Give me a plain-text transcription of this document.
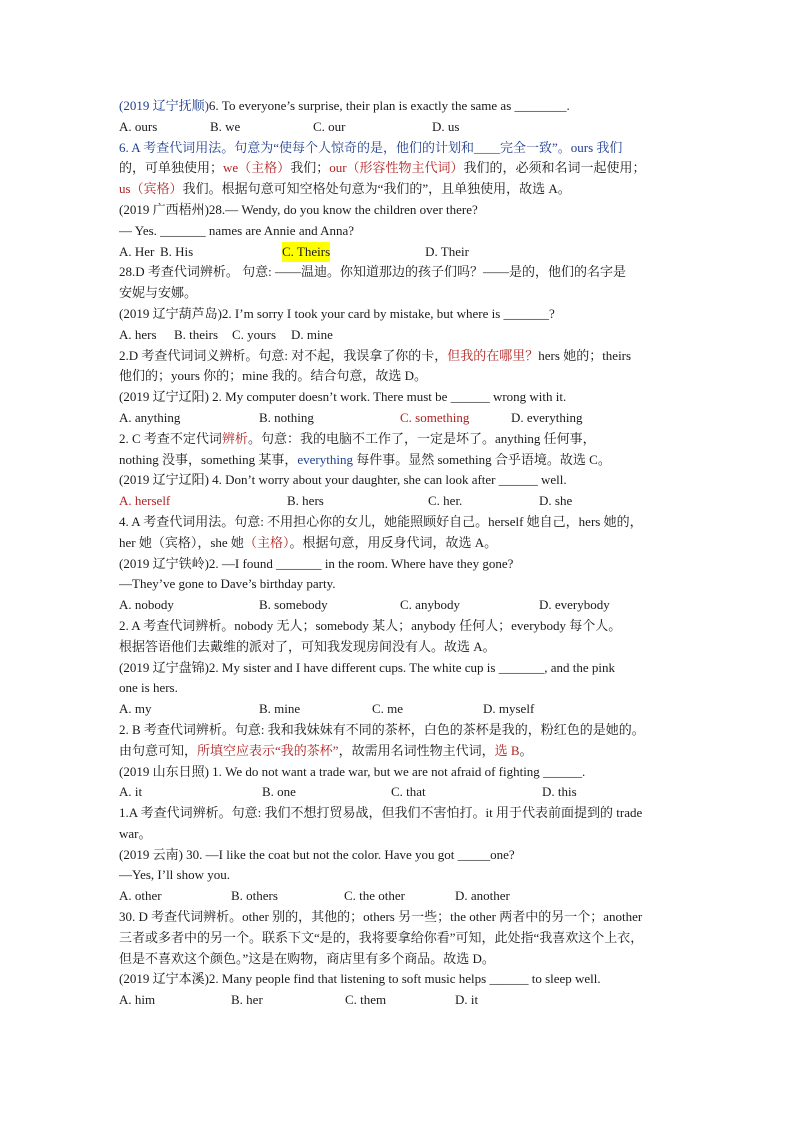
(2019 辽宁抚顺)6. To everyone’s surprise, their plan is exactly the same as ________.
A. ours	B. we	C. our	D. us
6. A 考查代词用法。句意为“使每个人惊奇的是，他们的计划和____完全一致”。ours 我们
的，可单独使用；we（主格）我们；our（形容性物主代词）我们的，必须和名词一起使用；
us（宾格）我们。根据句意可知空格处句意为“我们的”，且单独使用，故选 A。
(2019 广西梧州)28.— Wendy, do you know the children over there?
— Yes. _______ names are Annie and Anna?
A. Her B. His	C. Theirs	D. Their
28.D 考查代词辨析。 句意: ——温迪。你知道那边的孩子们吗？——是的，他们的名字是
安妮与安娜。
(2019 辽宁葫芦岛)2. I’m sorry I took your card by mistake, but where is _______?
A. hers	B. theirs	C. yours	D. mine
2.D 考查代词词义辨析。句意: 对不起，我误拿了你的卡，但我的在哪里？hers 她的；theirs
他们的；yours 你的；mine 我的。结合句意，故选 D。
(2019 辽宁辽阳) 2. My computer doesn’t work. There must be ______ wrong with it.
A. anything	B. nothing	C. something	D. everything
2. C 考查不定代词辨析。句意：我的电脑不工作了，一定是坏了。anything 任何事，
nothing 没事，something 某事，everything 每件事。显然 something 合乎语境。故选 C。
(2019 辽宁辽阳) 4. Don’t worry about your daughter, she can look after ______ well.
A. herself	B. hers	C. her.	D. she
4. A 考查代词用法。句意: 不用担心你的女儿，她能照顾好自己。herself 她自己，hers 她的，
her 她（宾格），she 她（主格）。根据句意，用反身代词，故选 A。
(2019 辽宁铁岭)2. —I found _______ in the room. Where have they gone?
—They’ve gone to Dave’s birthday party.
A. nobody	B. somebody	C. anybody	D. everybody
2. A 考查代词辨析。nobody 无人；somebody 某人；anybody 任何人；everybody 每个人。
根据答语他们去戴维的派对了，可知我发现房间没有人。故选 A。
(2019 辽宁盘锦)2. My sister and I have different cups. The white cup is _______, and the pink
one is hers.
A. my	B. mine	C. me	D. myself
2. B 考查代词辨析。句意: 我和我妹妹有不同的茶杯，白色的茶杯是我的，粉红色的是她的。
由句意可知，所填空应表示“我的茶杯”，故需用名词性物主代词，选 B。
(2019 山东日照) 1. We do not want a trade war, but we are not afraid of fighting ______.
A. it	B. one	C. that	D. this
1.A 考查代词辨析。句意: 我们不想打贸易战，但我们不害怕打。it 用于代表前面提到的 trade
war。
(2019 云南) 30. —I like the coat but not the color. Have you got _____one?
—Yes, I’ll show you.
A. other	B. others	C. the other	D. another
30. D 考查代词辨析。other 别的，其他的；others 另一些；the other 两者中的另一个；another
三者或多者中的另一个。联系下文“是的，我将要拿给你看”可知，此处指“我喜欢这个上衣，
但是不喜欢这个颜色。”这是在购物，商店里有多个商品。故选 D。
(2019 辽宁本溪)2. Many people find that listening to soft music helps ______ to sleep well.
A. him	B. her	C. them	D. it
